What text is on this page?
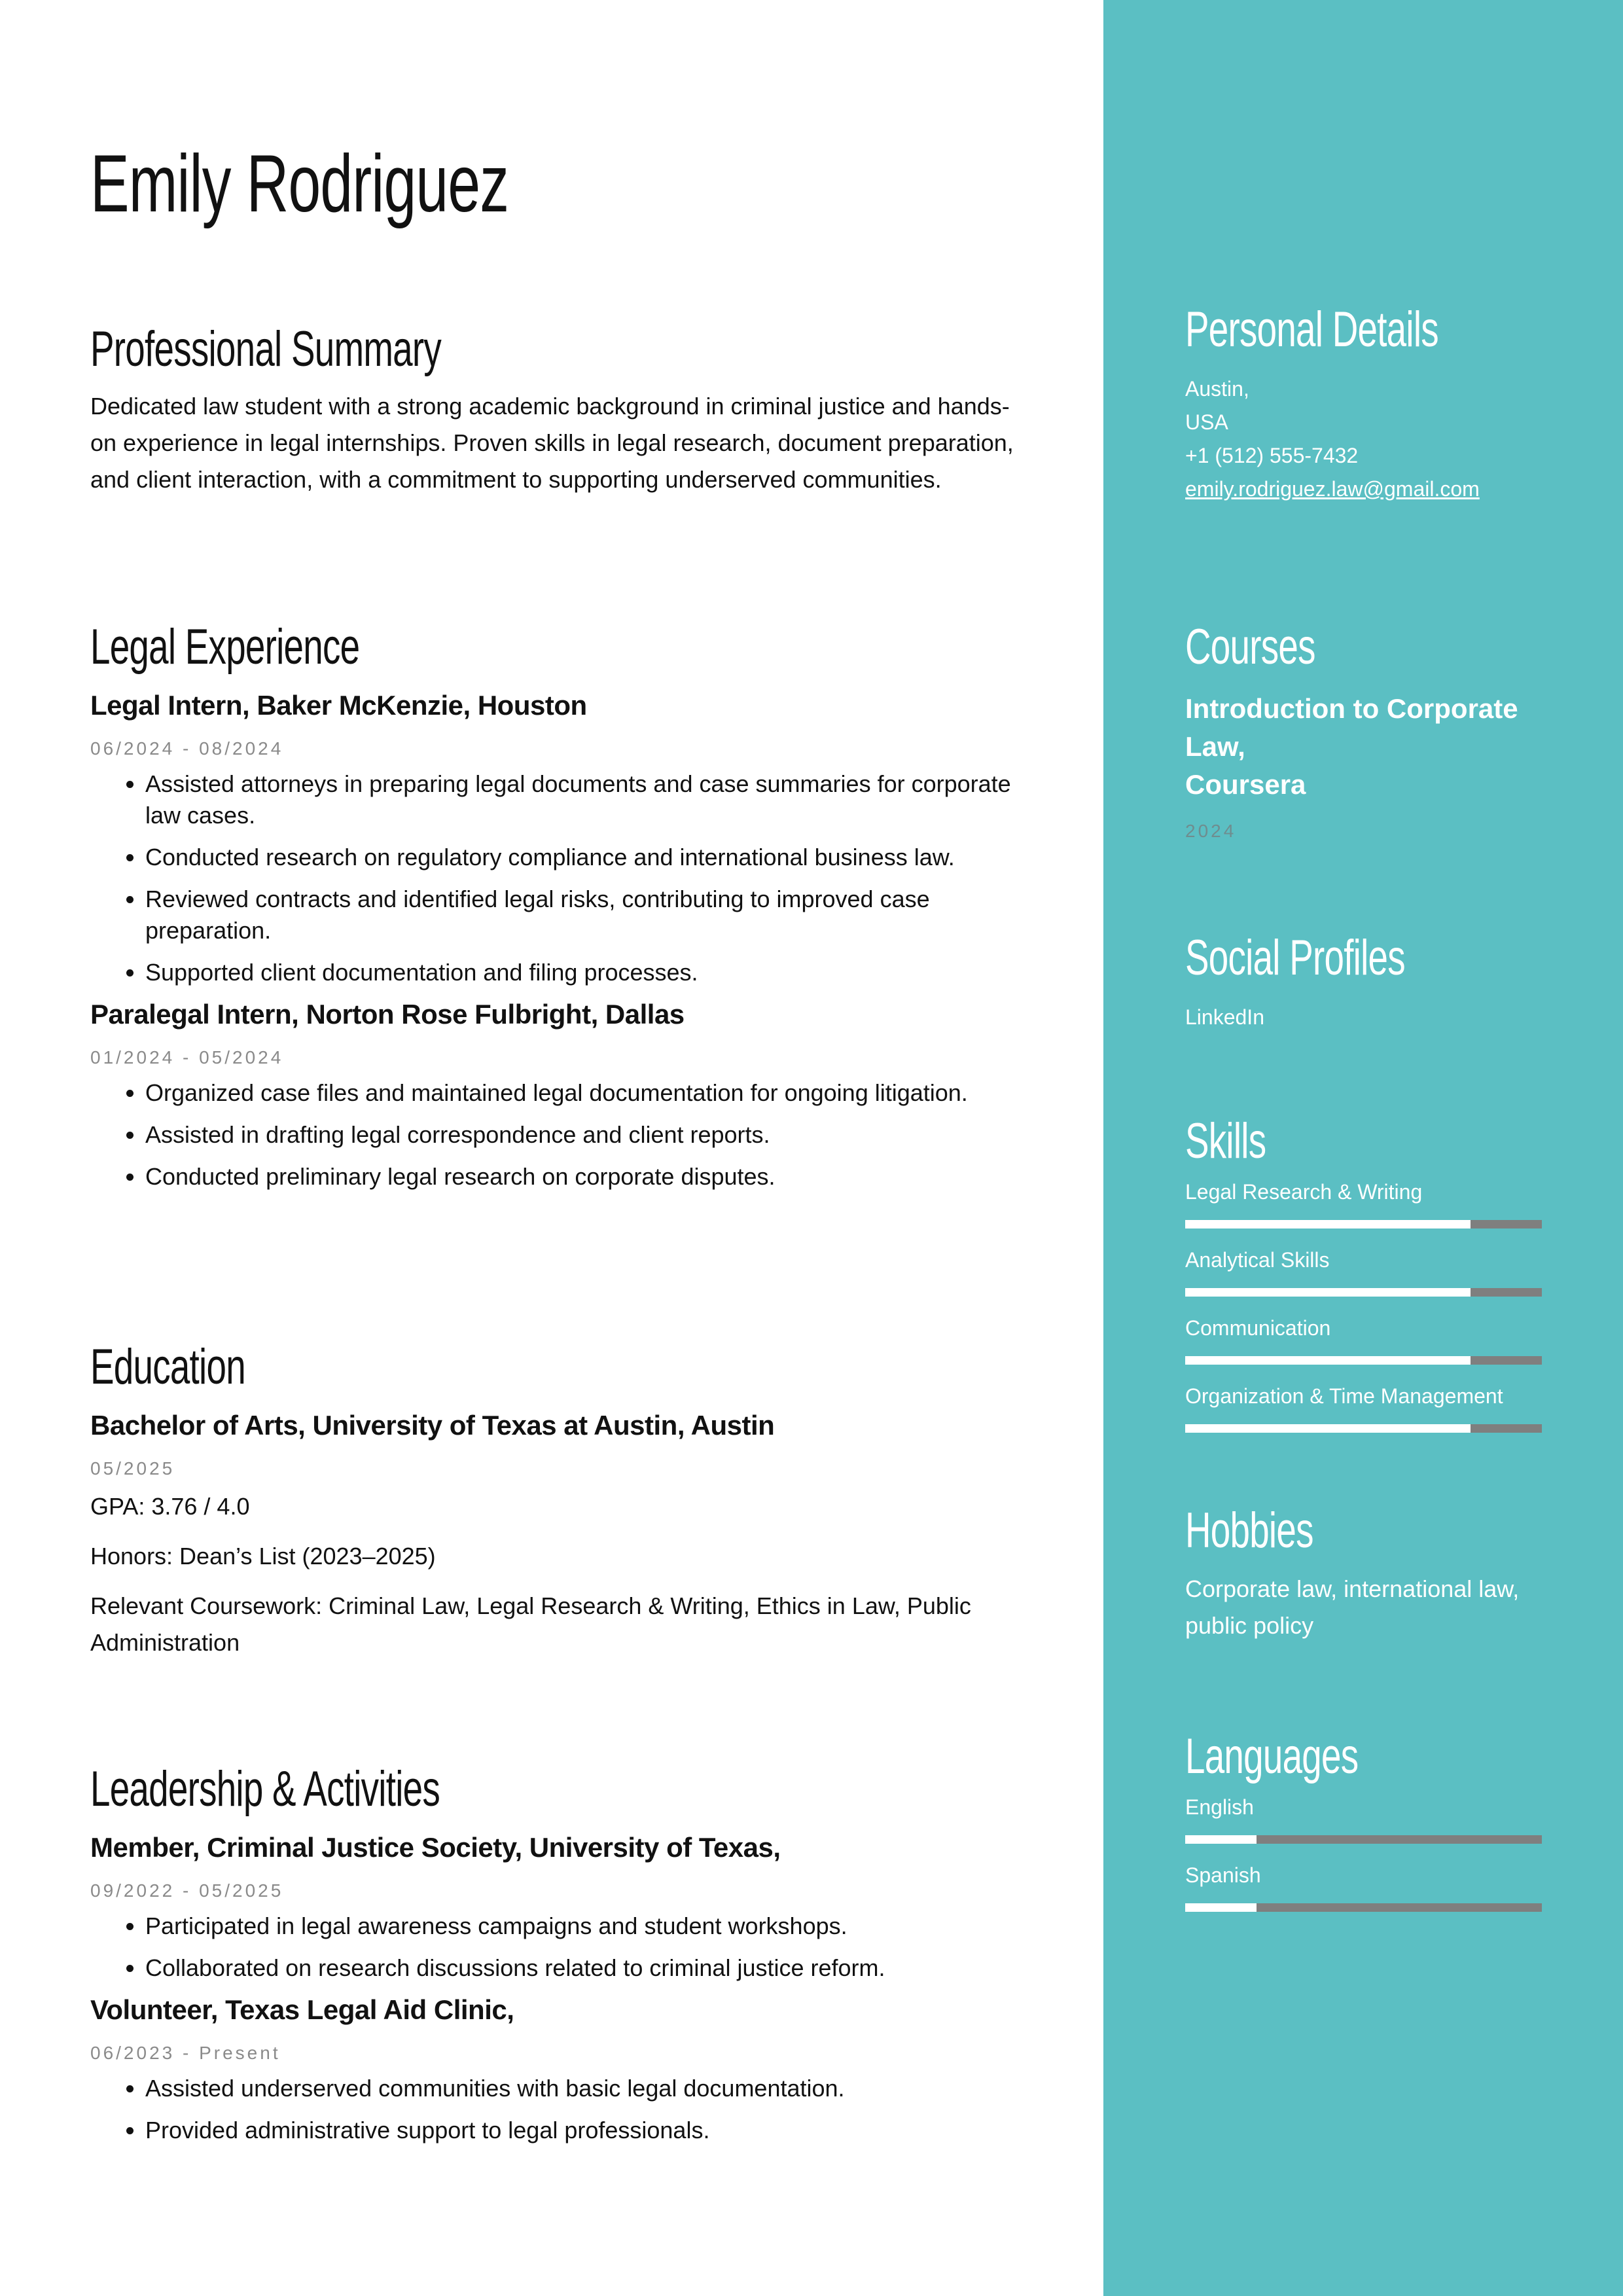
Emily Rodriguez
Professional Summary
Dedicated law student with a strong academic background in criminal justice and hands-on experience in legal internships. Proven skills in legal research, document preparation, and client interaction, with a commitment to supporting underserved communities.
Legal Experience
Legal Intern, Baker McKenzie, Houston
06/2024 - 08/2024
• Assisted attorneys in preparing legal documents and case summaries for corporate law cases.
• Conducted research on regulatory compliance and international business law.
• Reviewed contracts and identified legal risks, contributing to improved case preparation.
• Supported client documentation and filing processes.
Paralegal Intern, Norton Rose Fulbright, Dallas
01/2024 - 05/2024
• Organized case files and maintained legal documentation for ongoing litigation.
• Assisted in drafting legal correspondence and client reports.
• Conducted preliminary legal research on corporate disputes.
Education
Bachelor of Arts, University of Texas at Austin, Austin
05/2025
GPA: 3.76 / 4.0
Honors: Dean’s List (2023–2025)
Relevant Coursework: Criminal Law, Legal Research & Writing, Ethics in Law, Public Administration
Leadership & Activities
Member, Criminal Justice Society, University of Texas,
09/2022 - 05/2025
• Participated in legal awareness campaigns and student workshops.
• Collaborated on research discussions related to criminal justice reform.
Volunteer, Texas Legal Aid Clinic,
06/2023 - Present
• Assisted underserved communities with basic legal documentation.
• Provided administrative support to legal professionals.
Personal Details
Austin,
USA
+1 (512) 555-7432
emily.rodriguez.law@gmail.com
Courses
Introduction to Corporate
Law,
Coursera
2024
Social Profiles
LinkedIn
Skills
Legal Research & Writing
Analytical Skills
Communication
Organization & Time Management
Hobbies
Corporate law, international law, public policy
Languages
English
Spanish
